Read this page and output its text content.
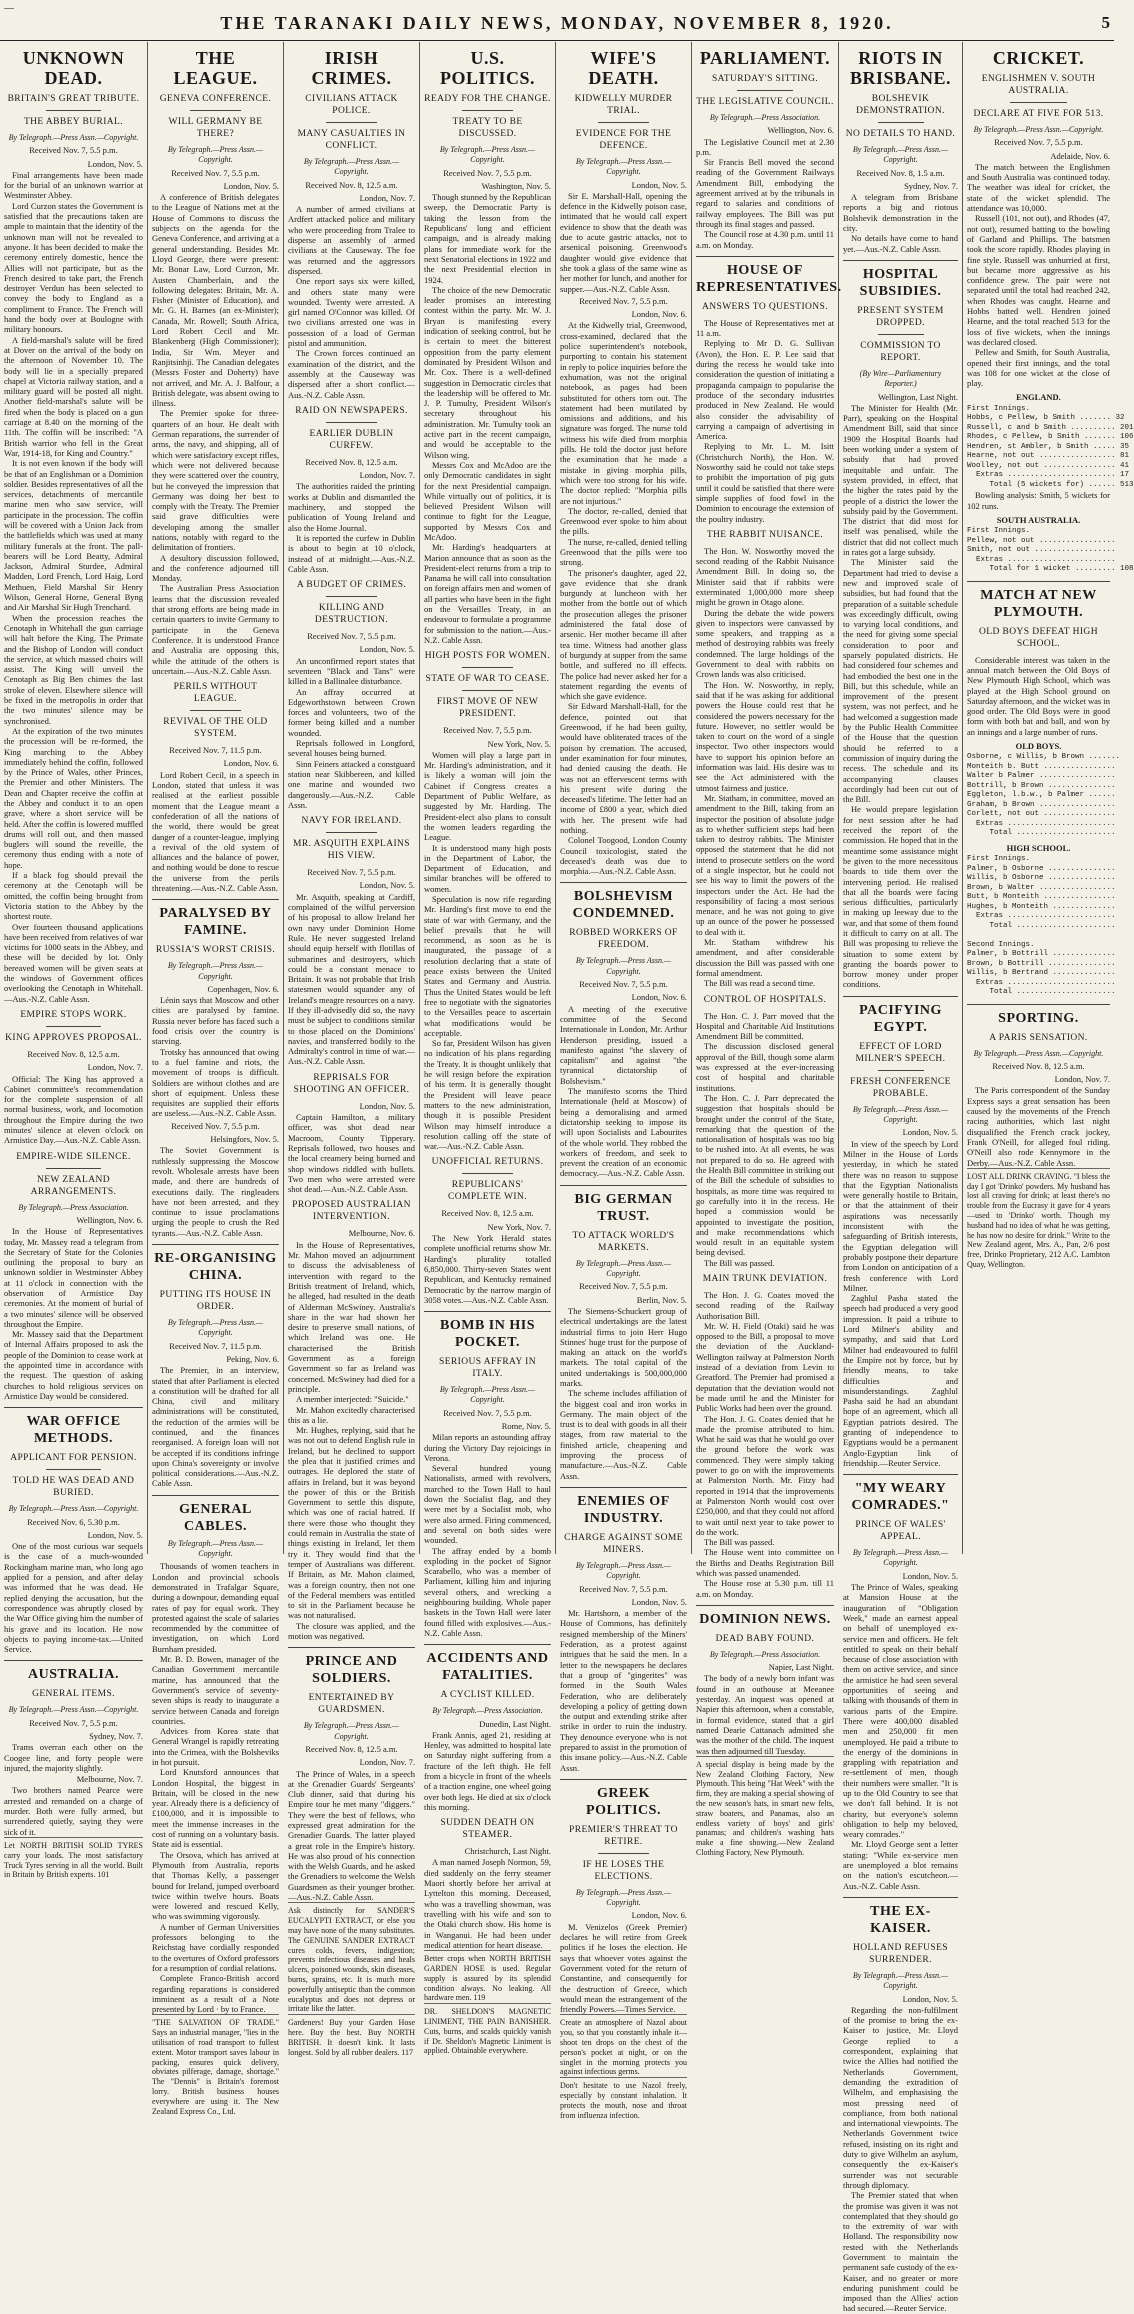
—
THE TARANAKI DAILY NEWS, MONDAY, NOVEMBER 8, 1920.	5

UNKNOWN DEAD.

BRITAIN'S GREAT TRIBUTE.

THE ABBEY BURIAL.

By Telegraph.—Press Assn.—Copyright.

Received Nov. 7, 5.5 p.m.

London, Nov. 5.

Final arrangements have been made for the burial of an unknown warrior at Westminster Abbey.

Lord Curzon states the Government is satisfied that the precautions taken are ample to maintain that the identity of the unknown man will not be revealed to anyone. It has been decided to make the ceremony entirely domestic, hence the Allies will not participate, but as the French desired to take part, the French destroyer Verdun has been selected to convey the body to England as a compliment to France. The French will hand the body over at Boulogne with military honours.

A field-marshal's salute will be fired at Dover on the arrival of the body on the afternoon of November 10. The body will lie in a specially prepared chapel at Victoria railway station, and a military guard will be posted all night. Another field-marshal's salute will be fired when the body is placed on a gun carriage at 8.40 on the morning of the 11th. The coffin will be inscribed: "A British warrior who fell in the Great War, 1914-18, for King and Country."

It is not even known if the body will be that of an Englishman or a Dominion soldier. Besides representatives of all the services, detachments of mercantile marine men who saw service, will participate in the procession. The coffin will be covered with a Union Jack from the battlefields which was used at many military funerals at the front. The pall-bearers will be Lord Beatty, Admiral Jackson, Admiral Sturdee, Admiral Madden, Lord French, Lord Haig, Lord Methuen, Field Marshal Sir Henry Wilson, General Horne, General Byng and Air Marshal Sir Hugh Trenchard.

When the procession reaches the Cenotaph in Whitehall the gun carriage will halt before the King. The Primate and the Bishop of London will conduct the service, at which massed choirs will assist. The King will unveil the Cenotaph as Big Ben chimes the last stroke of eleven. Elsewhere silence will be fixed in the metropolis in order that the two minutes' silence may be synchronised.

At the expiration of the two minutes the procession will be re-formed, the King marching to the Abbey immediately behind the coffin, followed by the Prince of Wales, other Princes, the Premier and other Ministers. The Dean and Chapter receive the coffin at the Abbey and conduct it to an open grave, where a short service will be held. After the coffin is lowered muffled drums will roll out, and then massed buglers will sound the reveille, the ceremony thus ending with a note of hope.

If a black fog should prevail the ceremony at the Cenotaph will be omitted, the coffin being brought from Victoria station to the Abbey by the shortest route.

Over fourteen thousand applications have been received from relatives of war victims for 1000 seats in the Abbey, and these will be decided by lot. Only bereaved women will be given seats at the windows of Government offices overlooking the Cenotaph in Whitehall.—Aus.-N.Z. Cable Assn.

EMPIRE STOPS WORK.

KING APPROVES PROPOSAL.

Received Nov. 8, 12.5 a.m.

London, Nov. 7.

Official: The King has approved a Cabinet committee's recommendation for the complete suspension of all normal business, work, and locomotion throughout the Empire during the two minutes' silence at eleven o'clock on Armistice Day.—Aus.-N.Z. Cable Assn.

EMPIRE-WIDE SILENCE.

NEW ZEALAND ARRANGEMENTS.

By Telegraph.—Press Association.

Wellington, Nov. 6.

In the House of Representatives today, Mr. Massey read a telegram from the Secretary of State for the Colonies outlining the proposal to bury an unknown soldier in Westminster Abbey at 11 o'clock in connection with the observation of Armistice Day ceremonies. At the moment of burial of a two minutes' silence will be observed throughout the Empire.

Mr. Massey said that the Department of Internal Affairs proposed to ask the people of the Dominion to cease work at the appointed time in accordance with the request. The question of asking churches to hold religious services on Armistice Day would be considered.

WAR OFFICE METHODS.

APPLICANT FOR PENSION.

TOLD HE WAS DEAD AND BURIED.

By Telegraph.—Press Assn.—Copyright.

Received Nov. 6, 5.30 p.m.

London, Nov. 5.

One of the most curious war sequels is the case of a much-wounded Rockingham marine man, who long ago applied for a pension, and after delay was informed that he was dead. He replied denying the accusation, but the correspondence was abruptly closed by the War Office giving him the number of his grave and its location. He now objects to paying income-tax.—United Service.

AUSTRALIA.

GENERAL ITEMS.

By Telegraph.—Press Assn.—Copyright.

Received Nov. 7, 5.5 p.m.

Sydney, Nov. 7.

Trams overran each other on the Coogee line, and forty people were injured, the majority slightly.

Melbourne, Nov. 7.

Two brothers named Pearce were arrested and remanded on a charge of murder. Both were fully armed, but surrendered quietly, saying they were sick of it.

Let NORTH BRITISH SOLID TYRES carry your loads. The most satisfactory Truck Tyres serving in all the world. Built in Britain by British experts. 101

THE LEAGUE.

GENEVA CONFERENCE.

WILL GERMANY BE THERE?

By Telegraph.—Press Assn.—Copyright.

Received Nov. 7, 5.5 p.m.

London, Nov. 5.

A conference of British delegates to the League of Nations met at the House of Commons to discuss the subjects on the agenda for the Geneva Conference, and arriving at a general understanding. Besides Mr. Lloyd George, there were present: Mr. Bonar Law, Lord Curzon, Mr. Austen Chamberlain, and the following delegates: Britain, Mr. A. Fisher (Minister of Education), and Mr. G. H. Barnes (an ex-Minister); Canada, Mr. Rowell; South Africa, Lord Robert Cecil and Mr. Blankenberg (High Commissioner); India, Sir Wm. Meyer and Ranjitsinhji. The Canadian delegates (Messrs Foster and Doherty) have not arrived, and Mr. A. J. Balfour, a British delegate, was absent owing to illness.

The Premier spoke for three-quarters of an hour. He dealt with German reparations, the surrender of arms, the navy, and shipping, all of which were satisfactory except rifles, which were not delivered because they were scattered over the country, but he conveyed the impression that Germany was doing her best to comply with the Treaty. The Premier said grave difficulties were developing among the smaller nations, notably with regard to the delimitation of frontiers.

A desultory discussion followed, and the conference adjourned till Monday.

The Australian Press Association learns that the discussion revealed that strong efforts are being made in certain quarters to invite Germany to participate in the Geneva Conference. It is understood France and Australia are opposing this, while the attitude of the others is uncertain.—Aus.-N.Z. Cable Assn.

PERILS WITHOUT LEAGUE.

REVIVAL OF THE OLD SYSTEM.

Received Nov. 7, 11.5 p.m.

London, Nov. 6.

Lord Robert Cecil, in a speech in London, stated that unless it was realised at the earliest possible moment that the League meant a confederation of all the nations of the world, there would be great danger of a counter-league, implying a revival of the old system of alliances and the balance of power, and nothing would be done to rescue the universe from the perils threatening.—Aus.-N.Z. Cable Assn.

PARALYSED BY FAMINE.

RUSSIA'S WORST CRISIS.

By Telegraph.—Press Assn.—Copyright.

Copenhagen, Nov. 6.

Lénin says that Moscow and other cities are paralysed by famine. Russia never before has faced such a food crisis over the country is starving.

Trotsky has announced that owing to a fuel famine and riots, the movement of troops is difficult. Soldiers are without clothes and are short of equipment. Unless these requisites are supplied their efforts are useless.—Aus.-N.Z. Cable Assn.

Received Nov. 7, 5.5 p.m.

Helsingfors, Nov. 5.

The Soviet Government is ruthlessly suppressing the Moscow revolt. Wholesale arrests have been made, and there are hundreds of executions daily. The ringleaders have not been arrested, and they continue to issue proclamations urging the people to crush the Red tyrants.—Aus.-N.Z. Cable Assn.

RE-ORGANISING CHINA.

PUTTING ITS HOUSE IN ORDER.

By Telegraph.—Press Assn.—Copyright.

Received Nov. 7, 11.5 p.m.

Peking, Nov. 6.

The Premier, in an interview, stated that after Parliament is elected a constitution will be drafted for all China, civil and military administrations will be constituted, the reduction of the armies will be continued, and the finances reorganised. A foreign loan will not be accepted if its conditions infringe upon China's sovereignty or involve political considerations.—Aus.-N.Z. Cable Assn.

GENERAL CABLES.

By Telegraph.—Press Assn.—Copyright.

Thousands of women teachers in London and provincial schools demonstrated in Trafalgar Square, during a downpour, demanding equal rates of pay for equal work. They protested against the scale of salaries recommended by the committee of investigation, on which Lord Burnham presided.

Mr. B. D. Bowen, manager of the Canadian Government mercantile marine, has announced that the Government's service of seventy-seven ships is ready to inaugurate a service between Canada and foreign countries.

Advices from Korea state that General Wrangel is rapidly retreating into the Crimea, with the Bolsheviks in hot pursuit.

Lord Knutsford announces that London Hospital, the biggest in Britain, will be closed in the new year. Already there is a deficiency of £100,000, and it is impossible to meet the immense increases in the cost of running on a voluntary basis. State aid is essential.

The Orsova, which has arrived at Plymouth from Australia, reports that Thomas Kelly, a passenger bound for Ireland, jumped overboard twice within twelve hours. Boats were lowered and rescued Kelly, who was swimming vigorously.

A number of German Universities professors belonging to the Reichstag have cordially responded to the overtures of Oxford professors for a resumption of cordial relations.

Complete Franco-British accord regarding reparations is considered imminent as a result of a Note presented by Lord · by to France.

"THE SALVATION OF TRADE." Says an industrial manager, "lies in the utilisation of road transport to fullest extent. Motor transport saves labour in packing, ensures quick delivery, obviates pilferage, damage, shortage." The "Dennis" is Britain's foremost lorry. British business houses everywhere are using it. The New Zealand Express Co., Ltd.

IRISH CRIMES.

CIVILIANS ATTACK POLICE.

MANY CASUALTIES IN CONFLICT.

By Telegraph.—Press Assn.—Copyright.

Received Nov. 8, 12.5 a.m.

London, Nov. 7.

A number of armed civilians at Ardfert attacked police and military who were proceeding from Tralee to disperse an assembly of armed civilians at the Causeway. The foe was returned and the aggressors dispersed.

One report says six were killed, and others state many were wounded. Twenty were arrested. A girl named O'Connor was killed. Of two civilians arrested one was in possession of a load of German pistol and ammunition.

The Crown forces continued an examination of the district, and the assembly at the Causeway was dispersed after a short conflict.—Aus.-N.Z. Cable Assn.

RAID ON NEWSPAPERS.

EARLIER DUBLIN CURFEW.

Received Nov. 8, 12.5 a.m.

London, Nov. 7.

The authorities raided the printing works at Dublin and dismantled the machinery, and stopped the publication of Young Ireland and also the Home Journal.

It is reported the curfew in Dublin is about to begin at 10 o'clock, instead of at midnight.—Aus.-N.Z. Cable Assn.

A BUDGET OF CRIMES.

KILLING AND DESTRUCTION.

Received Nov. 7, 5.5 p.m.

London, Nov. 5.

An unconfirmed report states that seventeen "Black and Tans" were killed in a Ballinalee disturbance.

An affray occurred at Edgeworthstown between Crown forces and volunteers, two of the former being killed and a number wounded.

Reprisals followed in Longford, several houses being burned.

Sinn Feiners attacked a constguard station near Skibbereen, and killed one marine and wounded two dangerously.—Aus.-N.Z. Cable Assn.

NAVY FOR IRELAND.

MR. ASQUITH EXPLAINS HIS VIEW.

Received Nov. 7, 5.5 p.m.

London, Nov. 5.

Mr. Asquith, speaking at Cardiff, complained of the wilful perversion of his proposal to allow Ireland her own navy under Dominion Home Rule. He never suggested Ireland should equip herself with flotillas of submarines and destroyers, which could be a constant menace to Britain. It was not probable that Irish statesmen would squander any of Ireland's meagre resources on a navy. If they ill-advisedly did so, the navy must be subject to conditions similar to those placed on the Dominions' navies, and transferred bodily to the Admiralty's control in time of war.—Aus.-N.Z. Cable Assn.

REPRISALS FOR SHOOTING AN OFFICER.

London, Nov. 5.

Captain Hamilton, a military officer, was shot dead near Macroom, County Tipperary. Reprisals followed, two houses and the local creamery being burned and shop windows riddled with bullets. Two men who were arrested were shot dead.—Aus.-N.Z. Cable Assn.

PROPOSED AUSTRALIAN INTERVENTION.

Melbourne, Nov. 6.

In the House of Representatives, Mr. Mahon moved an adjournment to discuss the advisableness of intervention with regard to the British treatment of Ireland, which, he alleged, had resulted in the death of Alderman McSwiney. Australia's share in the war had shown her desire to preserve small nations, of which Ireland was one. He characterised the British Government as a foreign Government so far as Ireland was concerned. McSwiney had died for a principle.

A member interjected: "Suicide."

Mr. Mahon excitedly characterised this as a lie.

Mr. Hughes, replying, said that he was not out to defend English rule in Ireland, but he declined to support the plea that it justified crimes and outrages. He deplored the state of affairs in Ireland, but it was beyond the power of this or the British Government to settle this dispute, which was one of racial hatred. If there were those who thought they could remain in Australia the state of things existing in Ireland, let them try it. They would find that the temper of Australians was different. If Britain, as Mr. Mahon claimed, was a foreign country, then not one of the Federal members was entitled to sit in the Parliament because he was not naturalised.

The closure was applied, and the motion was negatived.

PRINCE AND SOLDIERS.

ENTERTAINED BY GUARDSMEN.

By Telegraph.—Press Assn.—Copyright.

Received Nov. 8, 12.5 a.m.

London, Nov. 7.

The Prince of Wales, in a speech at the Grenadier Guards' Sergeants' Club dinner, said that during his Empire tour he met many "diggers." They were the best of fellows, who expressed great admiration for the Grenadier Guards. The latter played a great role in the Empire's history. He was also proud of his connection with the Welsh Guards, and he asked the Grenadiers to welcome the Welsh Guardsmen as their younger brother.—Aus.-N.Z. Cable Assn.

Ask distinctly for SANDER'S EUCALYPTI EXTRACT, or else you may have none of the many substitutes. The GENUINE SANDER EXTRACT cures colds, fevers, indigestion; prevents infectious diseases and heals ulcers, poisoned wounds, skin diseases, burns, sprains, etc. It is much more powerfully antiseptic than the common eucalyptus and does not depress or irritate like the latter.

Gardeners! Buy your Garden Hose here. Buy the best. Buy NORTH BRITISH. It doesn't kink. It lasts longest. Sold by all rubber dealers. 117

U.S. POLITICS.

READY FOR THE CHANGE.

TREATY TO BE DISCUSSED.

By Telegraph.—Press Assn.—Copyright.

Received Nov. 7, 5.5 p.m.

Washington, Nov. 5.

Though stunned by the Republican sweep, the Democratic Party is taking the lesson from the Republicans' long and efficient campaign, and is already making plans for immediate work for the next Senatorial elections in 1922 and the next Presidential election in 1924.

The choice of the new Democratic leader promises an interesting contest within the party. Mr. W. J. Bryan is manifesting every indication of seeking control, but he is certain to meet the bitterest opposition from the party element dominated by President Wilson and Mr. Cox. There is a well-defined suggestion in Democratic circles that the leadership will be offered to Mr. J. P. Tumulty, President Wilson's secretary throughout his administration. Mr. Tumulty took an active part in the recent campaign, and would be acceptable to the Wilson wing.

Messrs Cox and McAdoo are the only Democratic candidates in sight for the next Presidential campaign. While virtually out of politics, it is believed President Wilson will continue to fight for the League, supported by Messrs Cox and McAdoo.

Mr. Harding's headquarters at Marion announce that as soon as the President-elect returns from a trip to Panama he will call into consultation on foreign affairs men and women of all parties who have been in the fight on the Versailles Treaty, in an endeavour to formulate a programme for submission to the nation.—Aus.-N.Z. Cable Assn.

HIGH POSTS FOR WOMEN.

STATE OF WAR TO CEASE.

FIRST MOVE OF NEW PRESIDENT.

Received Nov. 7, 5.5 p.m.

New York, Nov. 5.

Women will play a large part in Mr. Harding's administration, and it is likely a woman will join the Cabinet if Congress creates a Department of Public Welfare, as suggested by Mr. Harding. The President-elect also plans to consult the women leaders regarding the League.

It is understood many high posts in the Department of Labor, the Department of Education, and similar branches will be offered to women.

Speculation is now rife regarding Mr. Harding's first move to end the state of war with Germany, and the belief prevails that he will recommend, as soon as he is inaugurated, the passage of a resolution declaring that a state of peace exists between the United States and Germany and Austria. Thus the United States would be left free to negotiate with the signatories to the Versailles peace to ascertain what modifications would be acceptable.

So far, President Wilson has given no indication of his plans regarding the Treaty. It is thought unlikely that he will resign before the expiration of his term. It is generally thought the President will leave peace matters to the new administration, though it is possible President Wilson may himself introduce a resolution calling off the state of war.—Aus.-N.Z. Cable Assn.

UNOFFICIAL RETURNS.

REPUBLICANS' COMPLETE WIN.

Received Nov. 8, 12.5 a.m.

New York, Nov. 7.

The New York Herald states complete unofficial returns show Mr. Harding's plurality totalled 6,850,000. Thirty-seven States went Republican, and Kentucky remained Democratic by the narrow margin of 3058 votes.—Aus.-N.Z. Cable Assn.

BOMB IN HIS POCKET.

SERIOUS AFFRAY IN ITALY.

By Telegraph.—Press Assn.—Copyright.

Received Nov. 7, 5.5 p.m.

Rome, Nov. 5.

Milan reports an astounding affray during the Victory Day rejoicings in Verona.

Several hundred young Nationalists, armed with revolvers, marched to the Town Hall to haul down the Socialist flag, and they were met by a Socialist mob, who were also armed. Firing commenced, and several on both sides were wounded.

The affray ended by a bomb exploding in the pocket of Signor Scarabello, who was a member of Parliament, killing him and injuring several others, and wrecking a neighbouring building. Whole paper baskets in the Town Hall were later found filled with explosives.—Aus.-N.Z. Cable Assn.

ACCIDENTS AND FATALITIES.

A CYCLIST KILLED.

By Telegraph.—Press Association.

Dunedin, Last Night.

Frank Annis, aged 21, residing at Henley, was admitted to hospital late on Saturday night suffering from a fracture of the left thigh. He fell from a bicycle in front of the wheels of a traction engine, one wheel going over both legs. He died at six o'clock this morning.

SUDDEN DEATH ON STEAMER.

Christchurch, Last Night.

A man named Joseph Normon, 59, died suddenly on the ferry steamer Maori shortly before her arrival at Lyttelton this morning. Deceased, who was a travelling showman, was travelling with his wife and son to the Otaki church show. His home is in Wanganui. He had been under medical attention for heart disease.

Better crops when NORTH BRITISH GARDEN HOSE is used. Regular supply is assured by its splendid condition always. No leaking. All hardware men. 119

DR. SHELDON'S MAGNETIC LINIMENT, THE PAIN BANISHER. Cuts, burns, and scalds quickly vanish if Dr. Sheldon's Magnetic Liniment is applied. Obtainable everywhere.

WIFE'S DEATH.

KIDWELLY MURDER TRIAL.

EVIDENCE FOR THE DEFENCE.

By Telegraph.—Press Assn.—Copyright.

London, Nov. 5.

Sir E. Marshall-Hall, opening the defence in the Kidwelly poison case, intimated that he would call expert evidence to show that the death was due to acute gastric attacks, not to arsenical poisoning. Greenwood's daughter would give evidence that she took a glass of the same wine as her mother for lunch, and another for supper.—Aus.-N.Z. Cable Assn.

Received Nov. 7, 5.5 p.m.

London, Nov. 6.

At the Kidwelly trial, Greenwood, cross-examined, declared that the police superintendent's notebook, purporting to contain his statement in reply to police inquiries before the exhumation, was not the original notebook, as pages had been substituted for others torn out. The statement had been mutilated by omissions and additions, and his signature was forged. The nurse told witness his wife died from morphia pills. He told the doctor just before the examination that he made a mistake in giving morphia pills, which were too strong for his wife. The doctor replied: "Morphia pills are not injurious."

The doctor, re-called, denied that Greenwood ever spoke to him about the pills.

The nurse, re-called, denied telling Greenwood that the pills were too strong.

The prisoner's daughter, aged 22, gave evidence that she drank burgundy at luncheon with her mother from the bottle out of which the prosecution alleges the prisoner administered the fatal dose of arsenic. Her mother became ill after tea time. Witness had another glass of burgundy at supper from the same bottle, and suffered no ill effects. The police had never asked her for a statement regarding the events of which she gave evidence.

Sir Edward Marshall-Hall, for the defence, pointed out that Greenwood, if he had been guilty, would have obliterated traces of the poison by cremation. The accused, under examination for four minutes, had denied causing the death. He was not an effervescent terms with his present wife during the deceased's lifetime. The letter had an income of £800 a year, which died with her. The present wife had nothing.

Colonel Toogood, London County Council toxicologist, stated the deceased's death was due to morphia.—Aus.-N.Z. Cable Assn.

BOLSHEVISM CONDEMNED.

ROBBED WORKERS OF FREEDOM.

By Telegraph.—Press Assn.—Copyright.

Received Nov. 7, 5.5 p.m.

London, Nov. 6.

A meeting of the executive committee of the Second Internationale in London, Mr. Arthur Henderson presiding, issued a manifesto against "the slavery of capitalism" and against "the tyrannical dictatorship of Bolshevism."

The manifesto scorns the Third Internationale (held at Moscow) of being a demoralising and armed dictatorship seeking to impose its will upon Socialists and Labourites of the whole world. They robbed the workers of freedom, and seek to prevent the creation of an economic democracy.—Aus.-N.Z. Cable Assn.

BIG GERMAN TRUST.

TO ATTACK WORLD'S MARKETS.

By Telegraph.—Press Assn.—Copyright.

Received Nov. 7, 5.5 p.m.

Berlin, Nov. 5.

The Siemens-Schuckert group of electrical undertakings are the latest industrial firms to join Herr Hugo Stinnes' huge trust for the purpose of making an attack on the world's markets. The total capital of the united undertakings is 500,000,000 marks.

The scheme includes affiliation of the biggest coal and iron works in Germany. The main object of the trust is to deal with goods in all their stages, from raw material to the finished article, cheapening and improving the process of manufacture.—Aus.-N.Z. Cable Assn.

ENEMIES OF INDUSTRY.

CHARGE AGAINST SOME MINERS.

By Telegraph.—Press Assn.—Copyright.

Received Nov. 7, 5.5 p.m.

London, Nov. 5.

Mr. Hartshorn, a member of the House of Commons, has definitely resigned membership of the Miners' Federation, as a protest against intrigues that he said the men. In a letter to the newspapers he declares that a group of "gingerites" was formed in the South Wales Federation, who are deliberately developing a policy of getting down the output and extending strike after strike in order to ruin the industry. They denounce everyone who is not prepared to assist in the promotion of this insane policy.—Aus.-N.Z. Cable Assn.

GREEK POLITICS.

PREMIER'S THREAT TO RETIRE.

IF HE LOSES THE ELECTIONS.

By Telegraph.—Press Assn.—Copyright.

London, Nov. 6.

M. Venizelos (Greek Premier) declares he will retire from Greek politics if he loses the election. He says that whoever votes against the Government voted for the return of Constantine, and consequently for the destruction of Greece, which would mean the estrangement of the friendly Powers.—Times Service.

Create an atmosphere of Nazol about you, so that you constantly inhale it—shoot ten drops on the chest of the person's pocket at night, or on the singlet in the morning protects you against infectious germs.

Don't hesitate to use Nazol freely, especially by constant inhalation. It protects the mouth, nose and throat from influenza infection.

PARLIAMENT.

SATURDAY'S SITTING.

THE LEGISLATIVE COUNCIL.

By Telegraph.—Press Association.

Wellington, Nov. 6.

The Legislative Council met at 2.30 p.m.

Sir Francis Bell moved the second reading of the Government Railways Amendment Bill, embodying the agreement arrived at by the tribunals in regard to salaries and conditions of railway employees. The Bill was put through its final stages and passed.

The Council rose at 4.30 p.m. until 11 a.m. on Monday.

HOUSE OF REPRESENTATIVES.

ANSWERS TO QUESTIONS.

The House of Representatives met at 11 a.m.

Replying to Mr D. G. Sullivan (Avon), the Hon. E. P. Lee said that during the recess he would take into consideration the question of initiating a propaganda campaign to popularise the produce of the secondary industries produced in New Zealand. He would also consider the advisability of carrying a campaign of advertising in America.

Replying to Mr. L. M. Isitt (Christchurch North), the Hon. W. Nosworthy said he could not take steps to prohibit the importation of pig guts until it could be satisfied that there were simple supplies of food fowl in the Dominion to encourage the extension of the poultry industry.

THE RABBIT NUISANCE.

The Hon. W. Nosworthy moved the second reading of the Rabbit Nuisance Amendment Bill. In doing so, the Minister said that if rabbits were exterminated 1,000,000 more sheep might be grown in Otago alone.

During the debate the wide powers given to inspectors were canvassed by some speakers, and trapping as a method of destroying rabbits was freely condemned. The large holdings of the Government to deal with rabbits on Crown lands was also criticised.

The Hon. W. Nosworthy, in reply, said that if he was asking for additional powers the House could rest that he considered the powers necessary for the future. However, no settler would be taken to court on the word of a single inspector. Two other inspectors would have to support his opinion before an information was laid. His desire was to see the Act administered with the utmost fairness and justice.

Mr. Statham, in committee, moved an amendment to the Bill, taking from an inspector the position of absolute judge as to whether sufficient steps had been taken to destroy rabbits. The Minister opposed the statement that he did not intend to prosecute settlers on the word of a single inspector, but he could not see his way to limit the powers of the inspectors under the Act. He had the responsibility of facing a most serious menace, and he was not going to give up an ounce of the power he possessed to deal with it.

Mr. Statham withdrew his amendment, and after considerable discussion the Bill was passed with one formal amendment.

The Bill was read a second time.

CONTROL OF HOSPITALS.

The Hon. C. J. Parr moved that the Hospital and Charitable Aid Institutions Amendment Bill be committed.

The discussion disclosed general approval of the Bill, though some alarm was expressed at the ever-increasing cost of hospital and charitable institutions.

The Hon. C. J. Parr deprecated the suggestion that hospitals should be brought under the control of the State, remarking that the question of the nationalisation of hospitals was too big to be rushed into. At all events, he was not prepared to do so. He agreed with the Health Bill committee in striking out of the Bill the schedule of subsidies to hospitals, as more time was required to go carefully into it in the recess. He hoped a commission would be appointed to investigate the position, and make recommendations which would result in an equitable system being devised.

The Bill was passed.

MAIN TRUNK DEVIATION.

The Hon. J. G. Coates moved the second reading of the Railway Authorisation Bill.

Mr. W. H. Field (Otaki) said he was opposed to the Bill, a proposal to move the deviation of the Auckland-Wellington railway at Palmerston North instead of a deviation from Levin to Greatford. The Premier had promised a deputation that the deviation would not be made until he and the Minister for Public Works had been over the ground.

The Hon. J. G. Coates denied that he made the promise attributed to him. What he said was that he would go over the ground before the work was commenced. They were simply taking power to go on with the improvements at Palmerston North. Mr. Fitzy had reported in 1914 that the improvements at Palmerston North would cost over £250,000, and that they could not afford to wait until next year to take power to do the work.

The Bill was passed.

The House went into committee on the Births and Deaths Registration Bill which was passed unamended.

The House rose at 5.30 p.m. till 11 a.m. on Monday.

DOMINION NEWS.

DEAD BABY FOUND.

By Telegraph.—Press Association.

Napier, Last Night.

The body of a newly born infant was found in an outhouse at Meeanee yesterday. An inquest was opened at Napier this afternoon, when a constable, in formal evidence, stated that a girl named Dearie Cattanach admitted she was the mother of the child. The inquest was then adjourned till Tuesday.

A special display is being made by the New Zealand Clothing Factory, New Plymouth. This being "Hat Week" with the firm, they are making a special showing of the new season's hats, in smart new felts, straw boaters, and Panamas, also an endless variety of boys' and girls' panamas; and children's washing hats make a fine showing.—New Zealand Clothing Factory, New Plymouth.

RIOTS IN BRISBANE.

BOLSHEVIK DEMONSTRATION.

NO DETAILS TO HAND.

By Telegraph.—Press Assn.—Copyright.

Received Nov. 8, 1.5 a.m.

Sydney, Nov. 7.

A telegram from Brisbane reports a big and riotous Bolshevik demonstration in the city.

No details have come to hand yet.—Aus.-N.Z. Cable Assn.

HOSPITAL SUBSIDIES.

PRESENT SYSTEM DROPPED.

COMMISSION TO REPORT.

(By Wire—Parliamentary Reporter.)

Wellington, Last Night.

The Minister for Health (Mr. Parr), speaking on the Hospital Amendment Bill, said that since 1909 the Hospital Boards had been working under a system of subsidy that had proved inequitable and unfair. The system provided, in effect, that the higher the rates paid by the people of a district the lower the subsidy paid by the Government. The district that did most for itself was penalised, while the district that did not collect much in rates got a large subsidy.

The Minister said the Department had tried to devise a new and improved scale of subsidies, but had found that the preparation of a suitable schedule was exceedingly difficult, owing to varying local conditions, and the need for giving some special consideration to poor and sparsely populated districts. He had considered four schemes and had embodied the best one in the Bill, but this schedule, while an improvement of the present system, was not perfect, and he had welcomed a suggestion made by the Public Health Committee of the House that the question should be referred to a commission of inquiry during the recess. The schedule and its accompanying clauses accordingly had been cut out of the Bill.

He would prepare legislation for next session after he had received the report of the commission. He hoped that in the meantime some assistance might be given to the more necessitous boards to tide them over the intervening period. He realised that all the boards were facing serious difficulties, particularly in making up leeway due to the war, and that some of them found it difficult to carry on at all. The Bill was proposing to relieve the situation to some extent by granting the boards power to borrow money under proper conditions.

PACIFYING EGYPT.

EFFECT OF LORD MILNER'S SPEECH.

FRESH CONFERENCE PROBABLE.

By Telegraph.—Press Assn.—Copyright.

London, Nov. 5.

In view of the speech by Lord Milner in the House of Lords yesterday, in which he stated there was no reason to suppose that the Egyptian Nationalists were generally hostile to Britain, or that the attainment of their aspirations was necessarily inconsistent with the safeguarding of British interests, the Egyptian delegation will probably postpone their departure from London on anticipation of a fresh conference with Lord Milner.

Zaghlul Pasha stated the speech had produced a very good impression. It paid a tribute to Lord Milner's ability and sympathy, and said that Lord Milner had endeavoured to fulfil the Empire not by force, but by friendly means, to take difficulties and misunderstandings. Zaghlul Pasha said he had an abundant hope of an agreement, which all Egyptian patriots desired. The granting of independence to Egyptians would be a permanent Anglo-Egyptian link of friendship.—Reuter Service.

"MY WEARY COMRADES."

PRINCE OF WALES' APPEAL.

By Telegraph.—Press Assn.—Copyright.

London, Nov. 5.

The Prince of Wales, speaking at Mansion House at the inauguration of "Obligation Week," made an earnest appeal on behalf of unemployed ex-service men and officers. He felt entitled to speak on their behalf because of close association with them on active service, and since the armistice he had seen several opportunities of seeing and talking with thousands of them in various parts of the Empire. There were 400,000 disabled men and 250,000 fit men unemployed. He paid a tribute to the energy of the dominions in grappling with repatriation and re-settlement of men, though their numbers were smaller. "It is up to the Old Country to see that we don't fall behind. It is not charity, but everyone's solemn obligation to help my beloved, weary comrades."

Mr. Lloyd George sent a letter stating: "While ex-service men are unemployed a blot remains on the nation's escutcheon.—Aus.-N.Z. Cable Assn.

THE EX-KAISER.

HOLLAND REFUSES SURRENDER.

By Telegraph.—Press Assn.—Copyright.

London, Nov. 5.

Regarding the non-fulfilment of the promise to bring the ex-Kaiser to justice, Mr. Lloyd George replied to a correspondent, explaining that twice the Allies had notified the Netherlands Government, demanding the extradition of Wilhelm, and emphasising the most pressing need of compliance, from both national and international viewpoints. The Netherlands Government twice refused, insisting on its right and duty to give Wilhelm an asylum, consequently the ex-Kaiser's surrender was not securable through diplomacy.

The Premier stated that when the promise was given it was not contemplated that they should go to the extremity of war with Holland. The responsibility now rested with the Netherlands Government to maintain the permanent safe custody of the ex-Kaiser, and no greater or more enduring punishment could be imposed than the Allies' action had secured.—Reuter Service.

CRICKET.

ENGLISHMEN V. SOUTH AUSTRALIA.

DECLARE AT FIVE FOR 513.

By Telegraph.—Press Assn.—Copyright.

Received Nov. 7, 5.5 p.m.

Adelaide, Nov. 6.

The match between the Englishmen and South Australia was continued today. The weather was ideal for cricket, the state of the wicket splendid. The attendance was 10,000.

Russell (101, not out), and Rhodes (47, not out), resumed batting to the bowling of Garland and Phillips. The batsmen took the score rapidly. Rhodes playing in fine style. Russell was unhurried at first, but became more aggressive as his confidence grew. The pair were not separated until the total had reached 242, when Rhodes was caught. Hearne and Hobbs batted well. Hendren joined Hearne, and the total reached 513 for the loss of five wickets, when the innings was declared closed.

Pellew and Smith, for South Australia, opened their first innings, and the total was 108 for one wicket at the close of play.

ENGLAND.

First Innings.
Hobbs, c Pellew, b Smith ....... 32
Russell, c and b Smith .......... 201
Rhodes, c Pellew, b Smith ....... 106
Hendren, st Ambler, b Smith ..... 35
Hearne, not out ................. 81
Woolley, not out ................ 41
Extras ........................ 17
Total (5 wickets for) ...... 513

Bowling analysis: Smith, 5 wickets for 102 runs.

SOUTH AUSTRALIA.

First Innings.
Pellew, not out .................
Smith, not out ..................
Extras ........................
Total for 1 wicket ......... 108

MATCH AT NEW PLYMOUTH.

OLD BOYS DEFEAT HIGH SCHOOL.

Considerable interest was taken in the annual match between the Old Boys of New Plymouth High School, which was played at the High School ground on Saturday afternoon, and the wicket was in good order. The Old Boys were in good form with both bat and ball, and won by an innings and a large number of runs.

OLD BOYS.

Osborne, c Willis, b Brown .......
Monteith b. Butt ................
Walter b Palmer .................
Bottrill, b Brown ...............
Eggleton, l.b.w., b Palmer ......
Graham, b Brown .................
Corlett, not out ................
Extras ........................
Total ......................

HIGH SCHOOL.

First Innings.
Palmer, b Osborne ...............
Willis, b Osborne ...............
Brown, b Walter .................
Butt, b Monteith ................
Hughes, b Monteith ..............
Extras ........................
Total ......................

Second Innings.
Palmer, b Bottrill ..............
Brown, b Bottrill ...............
Willis, b Bertrand ..............
Extras ........................
Total ......................

SPORTING.

A PARIS SENSATION.

By Telegraph.—Press Assn.—Copyright.

Received Nov. 8, 12.5 a.m.

London, Nov. 7.

The Paris correspondent of the Sunday Express says a great sensation has been caused by the movements of the French racing authorities, which last night disqualified the French crack jockey, Frank O'Neill, for alleged foul riding. O'Neill also rode Kennymore in the Derby.—Aus.-N.Z. Cable Assn.

LOST ALL DRINK CRAVING. "I bless the day I got 'Drinko' powders. My husband has lost all craving for drink; at least there's no trouble from the Eucrasy it gave for 4 years—used to 'Drinko' worth. Though my husband had no idea of what he was getting, he has now no desire for drink." Write to the New Zealand agent, Mrs. A., Pan, 2/6 post free, Drinko Proprietary, 212 A.C. Lambton Quay, Wellington.
